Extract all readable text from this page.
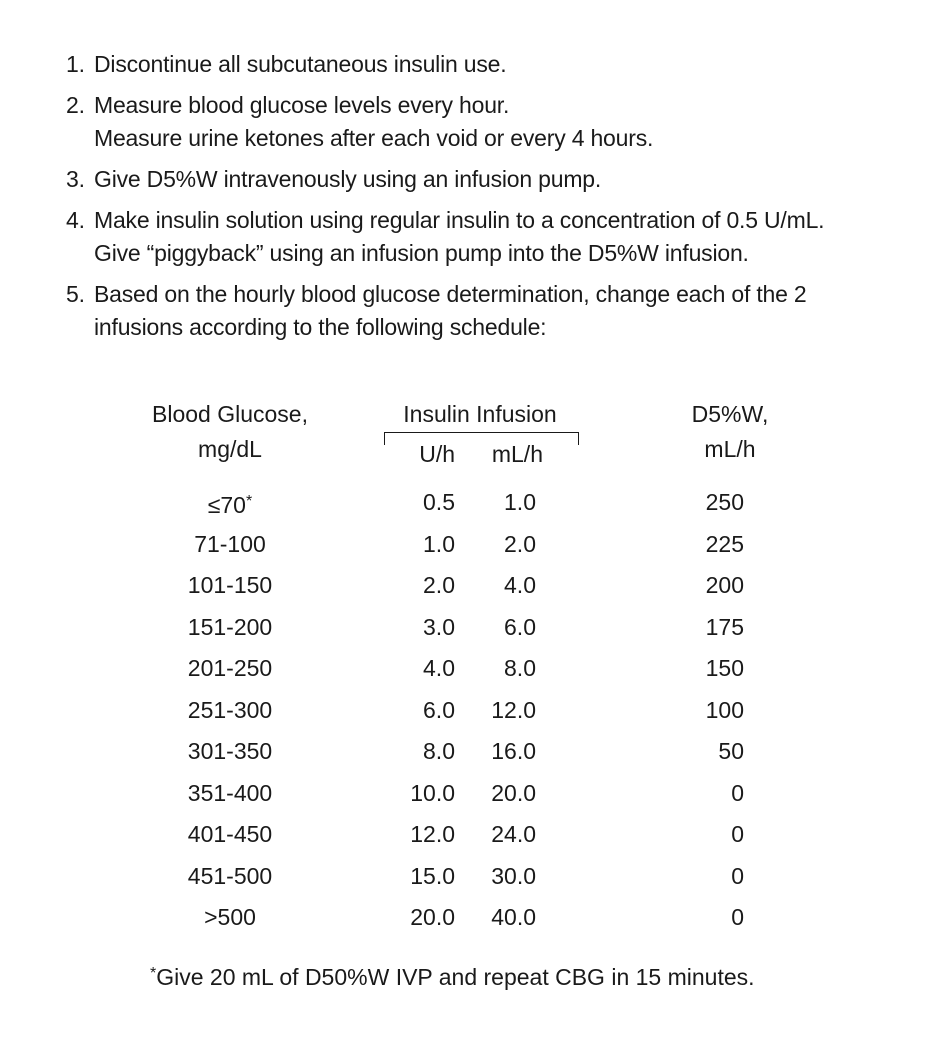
1. Discontinue all subcutaneous insulin use.
2. Measure blood glucose levels every hour.
Measure urine ketones after each void or every 4 hours.
3. Give D5%W intravenously using an infusion pump.
4. Make insulin solution using regular insulin to a concentration of 0.5 U/mL.
Give “piggyback” using an infusion pump into the D5%W infusion.
5. Based on the hourly blood glucose determination, change each of the 2
infusions according to the following schedule:
Blood Glucose,
mg/dL
Insulin Infusion
U/h	mL/h
D5%W,
mL/h
≤70*	0.5	1.0	250
71-100	1.0	2.0	225
101-150	2.0	4.0	200
151-200	3.0	6.0	175
201-250	4.0	8.0	150
251-300	6.0	12.0	100
301-350	8.0	16.0	50
351-400	10.0	20.0	0
401-450	12.0	24.0	0
451-500	15.0	30.0	0
>500	20.0	40.0	0
*Give 20 mL of D50%W IVP and repeat CBG in 15 minutes.
